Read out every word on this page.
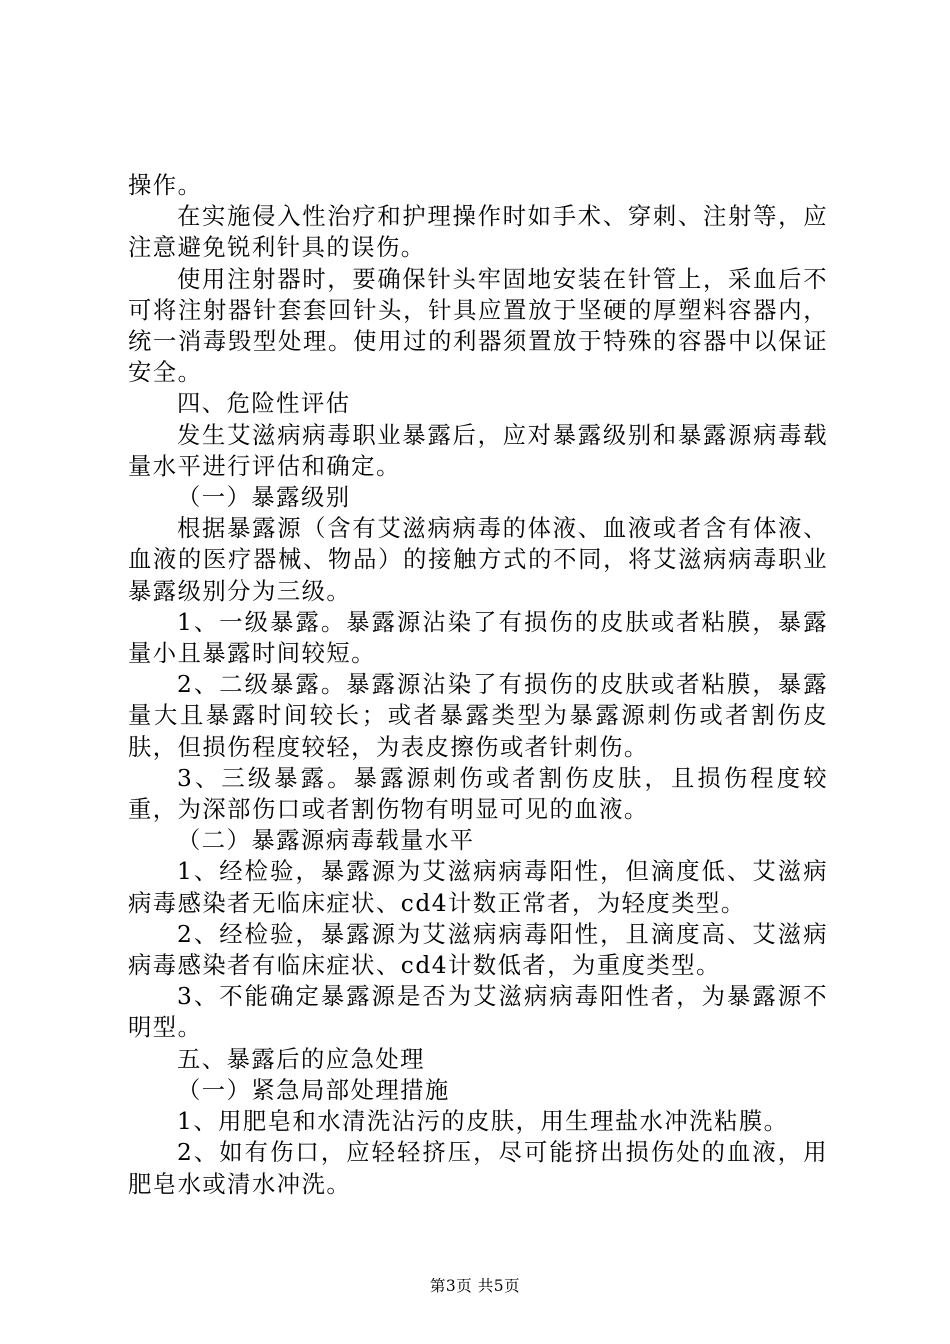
操作。

在实施侵入性治疗和护理操作时如手术、穿刺、注射等，应注意避免锐利针具的误伤。

使用注射器时，要确保针头牢固地安装在针管上，采血后不可将注射器针套套回针头，针具应置放于坚硬的厚塑料容器内，统一消毒毁型处理。使用过的利器须置放于特殊的容器中以保证安全。

四、危险性评估

发生艾滋病病毒职业暴露后，应对暴露级别和暴露源病毒载量水平进行评估和确定。

（一）暴露级别

根据暴露源（含有艾滋病病毒的体液、血液或者含有体液、血液的医疗器械、物品）的接触方式的不同，将艾滋病病毒职业暴露级别分为三级。

1、一级暴露。暴露源沾染了有损伤的皮肤或者粘膜，暴露量小且暴露时间较短。

2、二级暴露。暴露源沾染了有损伤的皮肤或者粘膜，暴露量大且暴露时间较长；或者暴露类型为暴露源刺伤或者割伤皮肤，但损伤程度较轻，为表皮擦伤或者针刺伤。

3、三级暴露。暴露源刺伤或者割伤皮肤，且损伤程度较重，为深部伤口或者割伤物有明显可见的血液。

（二）暴露源病毒载量水平

1、经检验，暴露源为艾滋病病毒阳性，但滴度低、艾滋病病毒感染者无临床症状、cd4计数正常者，为轻度类型。

2、经检验，暴露源为艾滋病病毒阳性，且滴度高、艾滋病病毒感染者有临床症状、cd4计数低者，为重度类型。

3、不能确定暴露源是否为艾滋病病毒阳性者，为暴露源不明型。

五、暴露后的应急处理

（一）紧急局部处理措施

1、用肥皂和水清洗沾污的皮肤，用生理盐水冲洗粘膜。

2、如有伤口，应轻轻挤压，尽可能挤出损伤处的血液，用肥皂水或清水冲洗。

第3页 共5页
